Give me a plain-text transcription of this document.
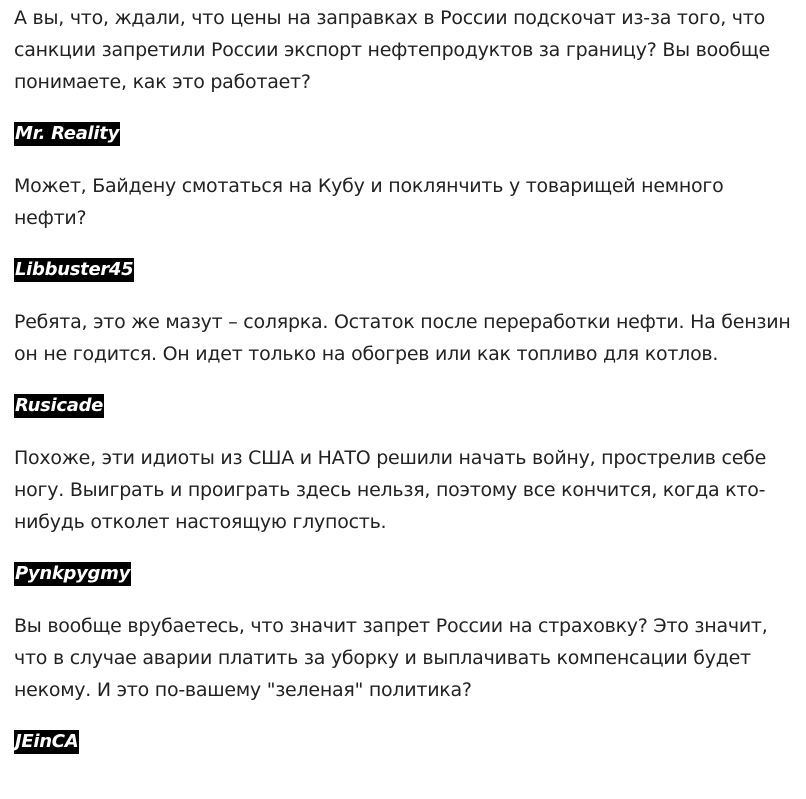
А вы, что, ждали, что цены на заправках в России подскочат из-за того, что санкции запретили России экспорт нефтепродуктов за границу? Вы вообще понимаете, как это работает?

Mr. Reality

Может, Байдену смотаться на Кубу и поклянчить у товарищей немного нефти?

Libbuster45

Ребята, это же мазут – солярка. Остаток после переработки нефти. На бензин он не годится. Он идет только на обогрев или как топливо для котлов.

Rusicade

Похоже, эти идиоты из США и НАТО решили начать войну, прострелив себе ногу. Выиграть и проиграть здесь нельзя, поэтому все кончится, когда кто-нибудь отколет настоящую глупость.

Pynkpygmy

Вы вообще врубаетесь, что значит запрет России на страховку? Это значит, что в случае аварии платить за уборку и выплачивать компенсации будет некому. И это по-вашему "зеленая" политика?

JEinCA
